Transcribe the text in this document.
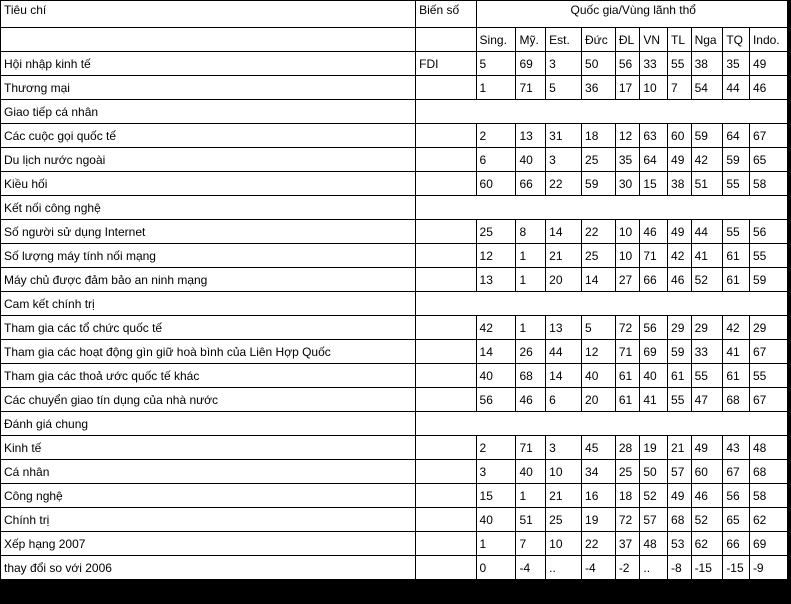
Tiêu chí	Biến số	Quốc gia/Vùng lãnh thổ									
		Sing.	Mỹ.	Est.	Đức	ĐL	VN	TL	Nga	TQ	Indo.
Hội nhập kinh tế	FDI	5	69	3	50	56	33	55	38	35	49
Thương mại		1	71	5	36	17	10	7	54	44	46
Giao tiếp cá nhân											
Các cuộc gọi quốc tế		2	13	31	18	12	63	60	59	64	67
Du lịch nước ngoài		6	40	3	25	35	64	49	42	59	65
Kiều hối		60	66	22	59	30	15	38	51	55	58
Kết nối công nghệ											
Số người sử dụng Internet		25	8	14	22	10	46	49	44	55	56
Số lượng máy tính nối mạng		12	1	21	25	10	71	42	41	61	55
Máy chủ được đảm bảo an ninh mạng		13	1	20	14	27	66	46	52	61	59
Cam kết chính trị											
Tham gia các tổ chức quốc tế		42	1	13	5	72	56	29	29	42	29
Tham gia các hoạt động gìn giữ hoà bình của Liên Hợp Quốc		14	26	44	12	71	69	59	33	41	67
Tham gia các thoả ước quốc tế khác		40	68	14	40	61	40	61	55	61	55
Các chuyển giao tín dụng của nhà nước		56	46	6	20	61	41	55	47	68	67
Đánh giá chung											
Kinh tế		2	71	3	45	28	19	21	49	43	48
Cá nhân		3	40	10	34	25	50	57	60	67	68
Công nghệ		15	1	21	16	18	52	49	46	56	58
Chính trị		40	51	25	19	72	57	68	52	65	62
Xếp hạng 2007		1	7	10	22	37	48	53	62	66	69
thay đổi so với 2006		0	-4	..	-4	-2	..	-8	-15	-15	-9
